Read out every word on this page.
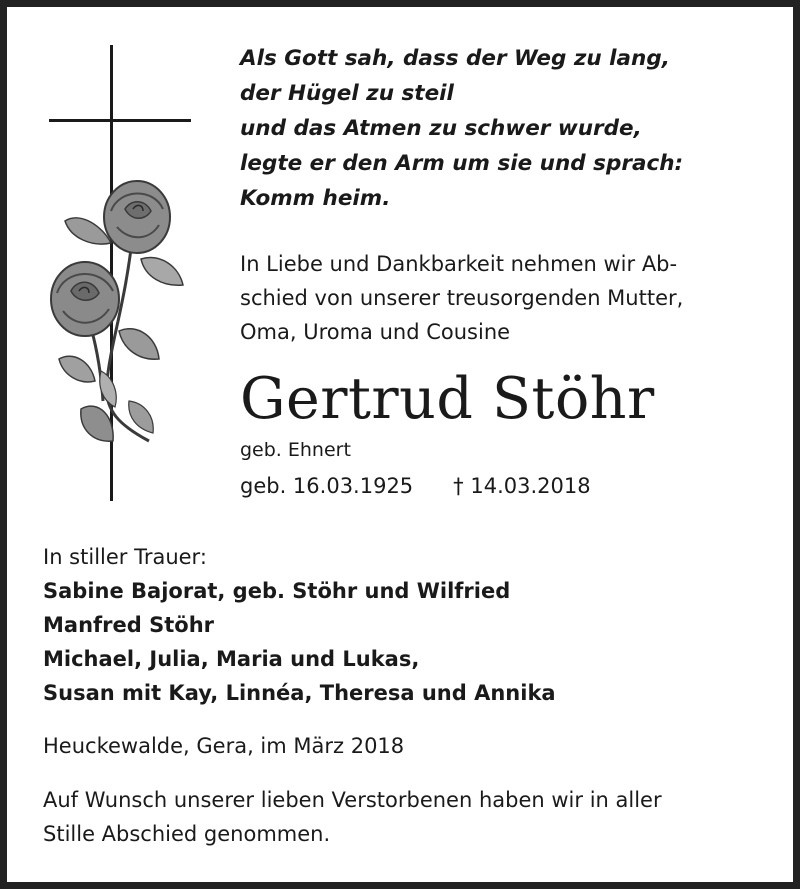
Als Gott sah, dass der Weg zu lang,
der Hügel zu steil
und das Atmen zu schwer wurde,
legte er den Arm um sie und sprach:
Komm heim.
In Liebe und Dankbarkeit nehmen wir Ab-
schied von unserer treusorgenden Mutter,
Oma, Uroma und Cousine
Gertrud Stöhr
geb. Ehnert
geb. 16.03.1925 † 14.03.2018
In stiller Trauer:
Sabine Bajorat, geb. Stöhr und Wilfried
Manfred Stöhr
Michael, Julia, Maria und Lukas,
Susan mit Kay, Linnéa, Theresa und Annika
Heuckewalde, Gera, im März 2018
Auf Wunsch unserer lieben Verstorbenen haben wir in aller
Stille Abschied genommen.
